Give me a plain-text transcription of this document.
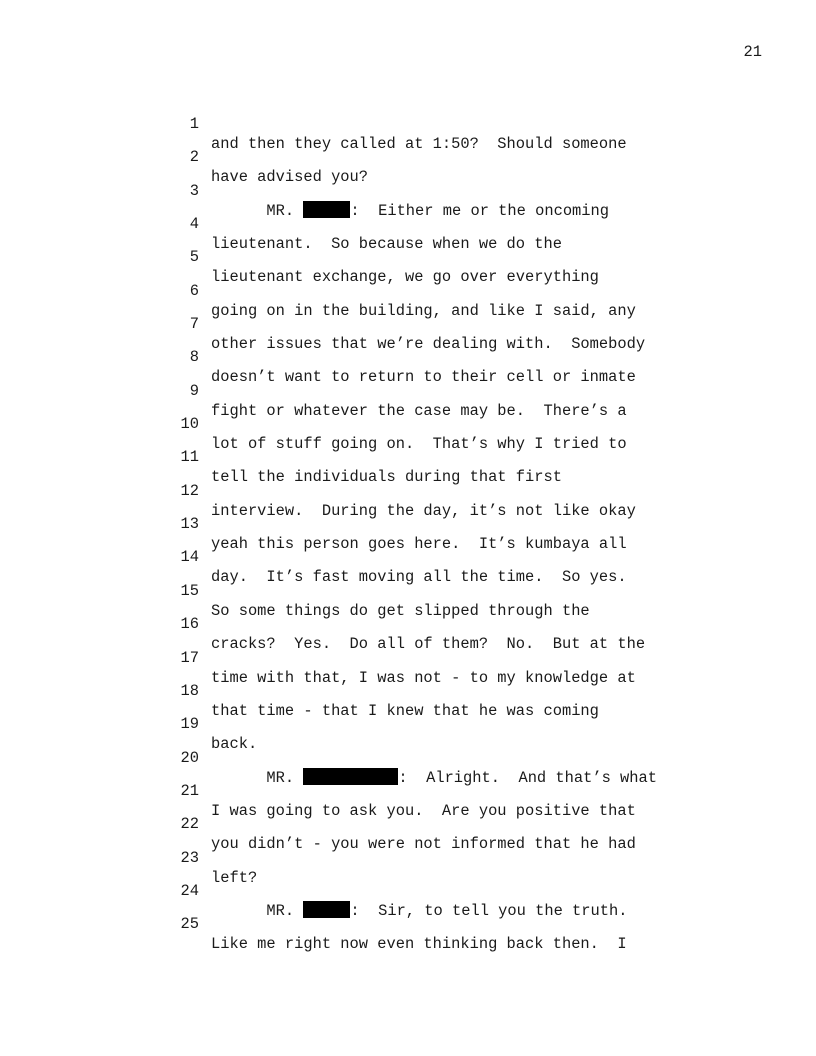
21

1

and then they called at 1:50?  Should someone

2

have advised you?

3

MR.	:  Either me or the oncoming

4

lieutenant.  So because when we do the

5

lieutenant exchange, we go over everything

6

going on in the building, and like I said, any

7

other issues that we’re dealing with.  Somebody

8

doesn’t want to return to their cell or inmate

9

fight or whatever the case may be.  There’s a

10

lot of stuff going on.  That’s why I tried to

11

tell the individuals during that first

12

interview.  During the day, it’s not like okay

13

yeah this person goes here.  It’s kumbaya all

14

day.  It’s fast moving all the time.  So yes.

15

So some things do get slipped through the

16

cracks?  Yes.  Do all of them?  No.  But at the

17

time with that, I was not - to my knowledge at

18

that time - that I knew that he was coming

19

back.

20

MR.	:  Alright.  And that’s what

21

I was going to ask you.  Are you positive that

22

you didn’t - you were not informed that he had

23

left?

24

MR.	:  Sir, to tell you the truth.

25

Like me right now even thinking back then.  I
